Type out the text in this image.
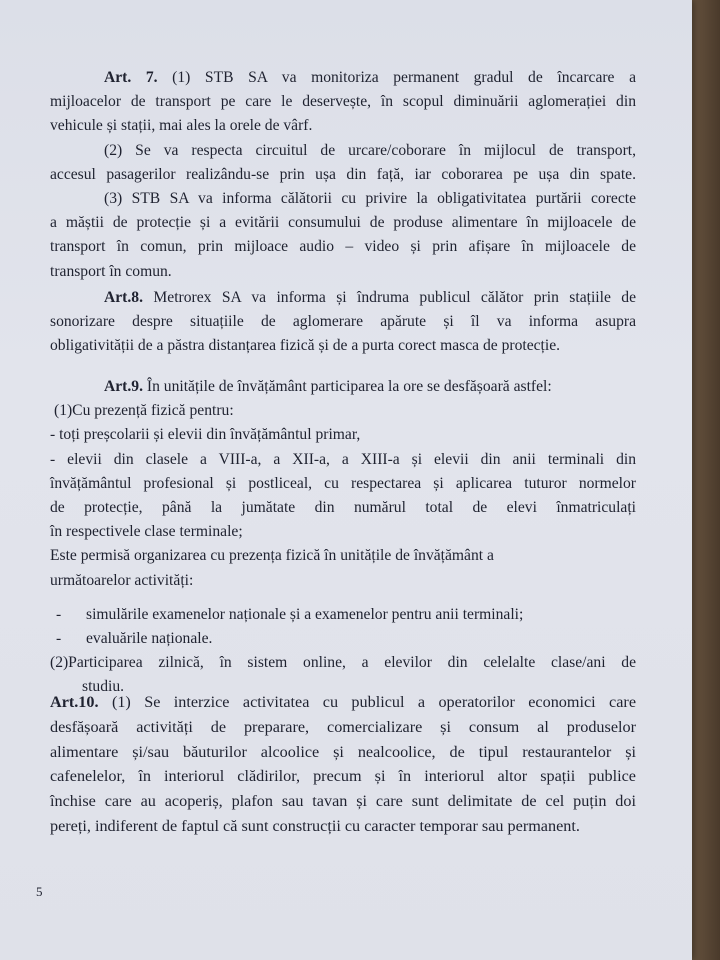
Art. 7. (1) STB SA va monitoriza permanent gradul de încarcare a
mijloacelor de transport pe care le deservește, în scopul diminuării aglomerației din
vehicule și stații, mai ales la orele de vârf.
(2) Se va respecta circuitul de urcare/coborare în mijlocul de transport,
accesul pasagerilor realizându-se prin ușa din față, iar coborarea pe ușa din spate.
(3) STB SA va informa călătorii cu privire la obligativitatea purtării corecte
a măștii de protecție și a evitării consumului de produse alimentare în mijloacele de
transport în comun, prin mijloace audio – video și prin afișare în mijloacele de
transport în comun.
Art.8. Metrorex SA va informa și îndruma publicul călător prin stațiile de
sonorizare despre situațiile de aglomerare apărute și îl va informa asupra
obligativității de a păstra distanțarea fizică și de a purta corect masca de protecție.
Art.9. În unitățile de învățământ participarea la ore se desfășoară astfel:
(1)Cu prezență fizică pentru:
- toți preșcolarii și elevii din învățământul primar,
- elevii din clasele a VIII-a, a XII-a, a XIII-a și elevii din anii terminali din
învățământul profesional și postliceal, cu respectarea și aplicarea tuturor normelor
de protecție, până la jumătate din numărul total de elevi înmatriculați
în respectivele clase terminale;
Este permisă organizarea cu prezența fizică în unitățile de învățământ a
următoarelor activități:
- simulările examenelor naționale și a examenelor pentru anii terminali;
- evaluările naționale.
(2)Participarea zilnică, în sistem online, a elevilor din celelalte clase/ani de
studiu.
Art.10. (1) Se interzice activitatea cu publicul a operatorilor economici care
desfășoară activități de preparare, comercializare și consum al produselor
alimentare și/sau băuturilor alcoolice și nealcoolice, de tipul restaurantelor și
cafenelelor, în interiorul clădirilor, precum și în interiorul altor spații publice
închise care au acoperiș, plafon sau tavan și care sunt delimitate de cel puțin doi
pereți, indiferent de faptul că sunt construcții cu caracter temporar sau permanent.
5
